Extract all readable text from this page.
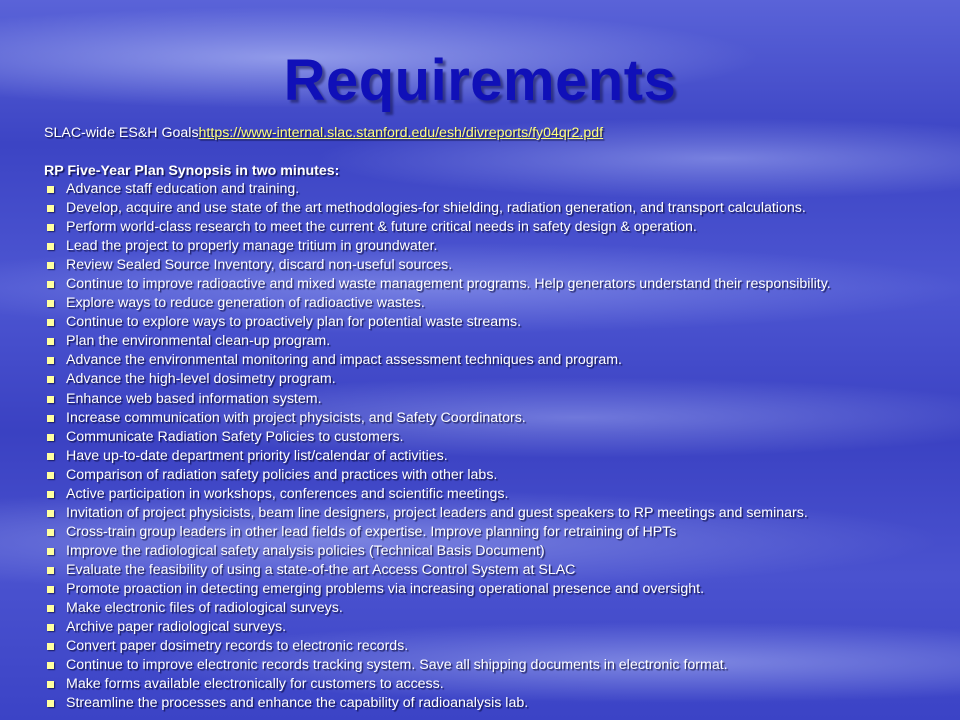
Requirements
SLAC-wide ES&H Goalshttps://www-internal.slac.stanford.edu/esh/divreports/fy04qr2.pdf
RP Five-Year Plan Synopsis in two minutes:
Advance staff education and training.
Develop, acquire and use state of the art methodologies-for shielding, radiation generation, and transport calculations.
Perform world-class research to meet the current & future critical needs in safety design & operation.
Lead the project to properly manage tritium in groundwater.
Review Sealed Source Inventory, discard non-useful sources.
Continue to improve radioactive and mixed waste management programs. Help generators understand their responsibility.
Explore ways to reduce generation of radioactive wastes.
Continue to explore ways to proactively plan for potential waste streams.
Plan the environmental clean-up program.
Advance the environmental monitoring and impact assessment techniques and program.
Advance the high-level dosimetry program.
Enhance web based information system.
Increase communication with project physicists, and Safety Coordinators.
Communicate Radiation Safety Policies to customers.
Have up-to-date department priority list/calendar of activities.
Comparison of radiation safety policies and practices with other labs.
Active participation in workshops, conferences and scientific meetings.
Invitation of project physicists, beam line designers, project leaders and guest speakers to RP meetings and seminars.
Cross-train group leaders in other lead fields of expertise. Improve planning for retraining of HPTs
Improve the radiological safety analysis policies (Technical Basis Document)
Evaluate the feasibility of using a state-of-the art Access Control System at SLAC
Promote proaction in detecting emerging problems via increasing operational presence and oversight.
Make electronic files of radiological surveys.
Archive paper radiological surveys.
Convert paper dosimetry records to electronic records.
Continue to improve electronic records tracking system. Save all shipping documents in electronic format.
Make forms available electronically for customers to access.
Streamline the processes and enhance the capability of radioanalysis lab.
